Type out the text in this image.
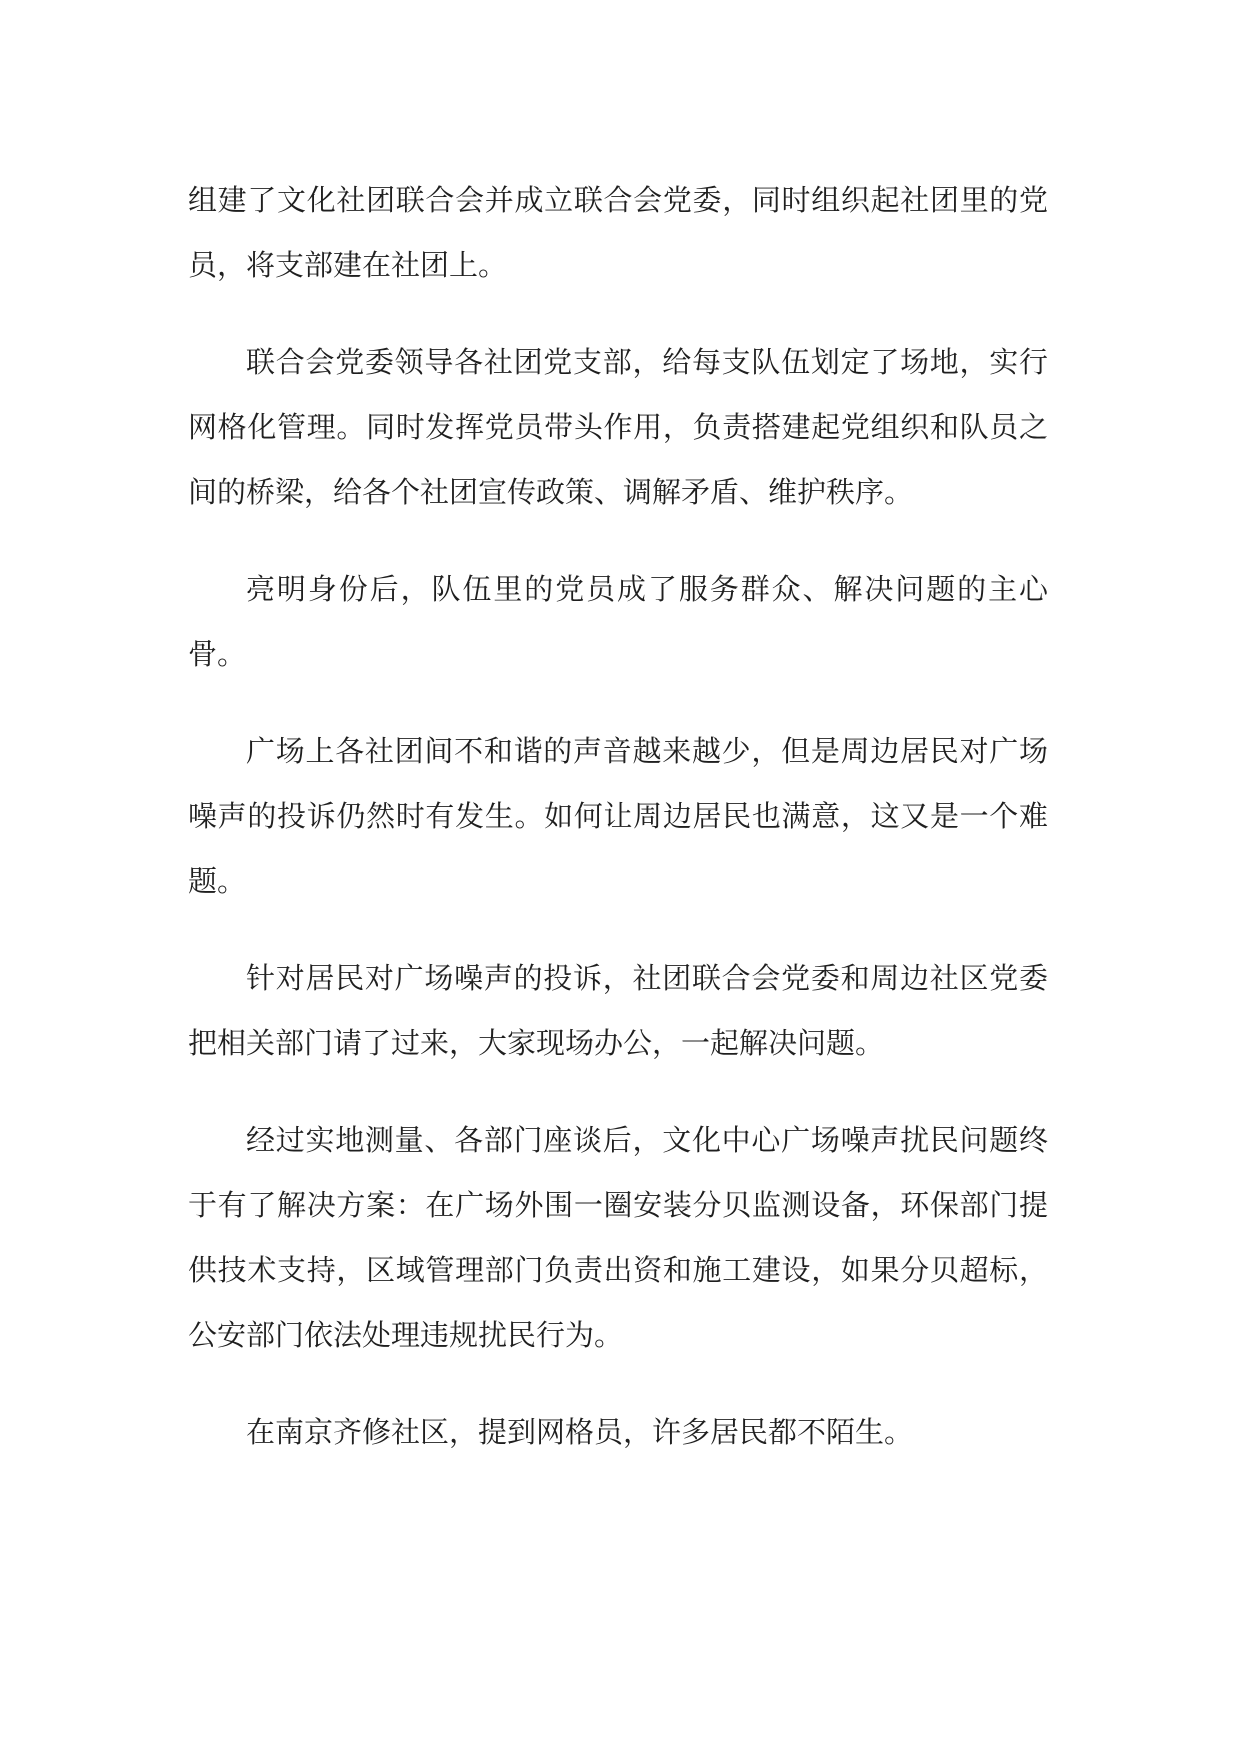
组建了文化社团联合会并成立联合会党委，同时组织起社团里的党员，将支部建在社团上。

联合会党委领导各社团党支部，给每支队伍划定了场地，实行网格化管理。同时发挥党员带头作用，负责搭建起党组织和队员之间的桥梁，给各个社团宣传政策、调解矛盾、维护秩序。

亮明身份后，队伍里的党员成了服务群众、解决问题的主心骨。

广场上各社团间不和谐的声音越来越少，但是周边居民对广场噪声的投诉仍然时有发生。如何让周边居民也满意，这又是一个难题。

针对居民对广场噪声的投诉，社团联合会党委和周边社区党委把相关部门请了过来，大家现场办公，一起解决问题。

经过实地测量、各部门座谈后，文化中心广场噪声扰民问题终于有了解决方案：在广场外围一圈安装分贝监测设备，环保部门提供技术支持，区域管理部门负责出资和施工建设，如果分贝超标，公安部门依法处理违规扰民行为。

在南京齐修社区，提到网格员，许多居民都不陌生。
